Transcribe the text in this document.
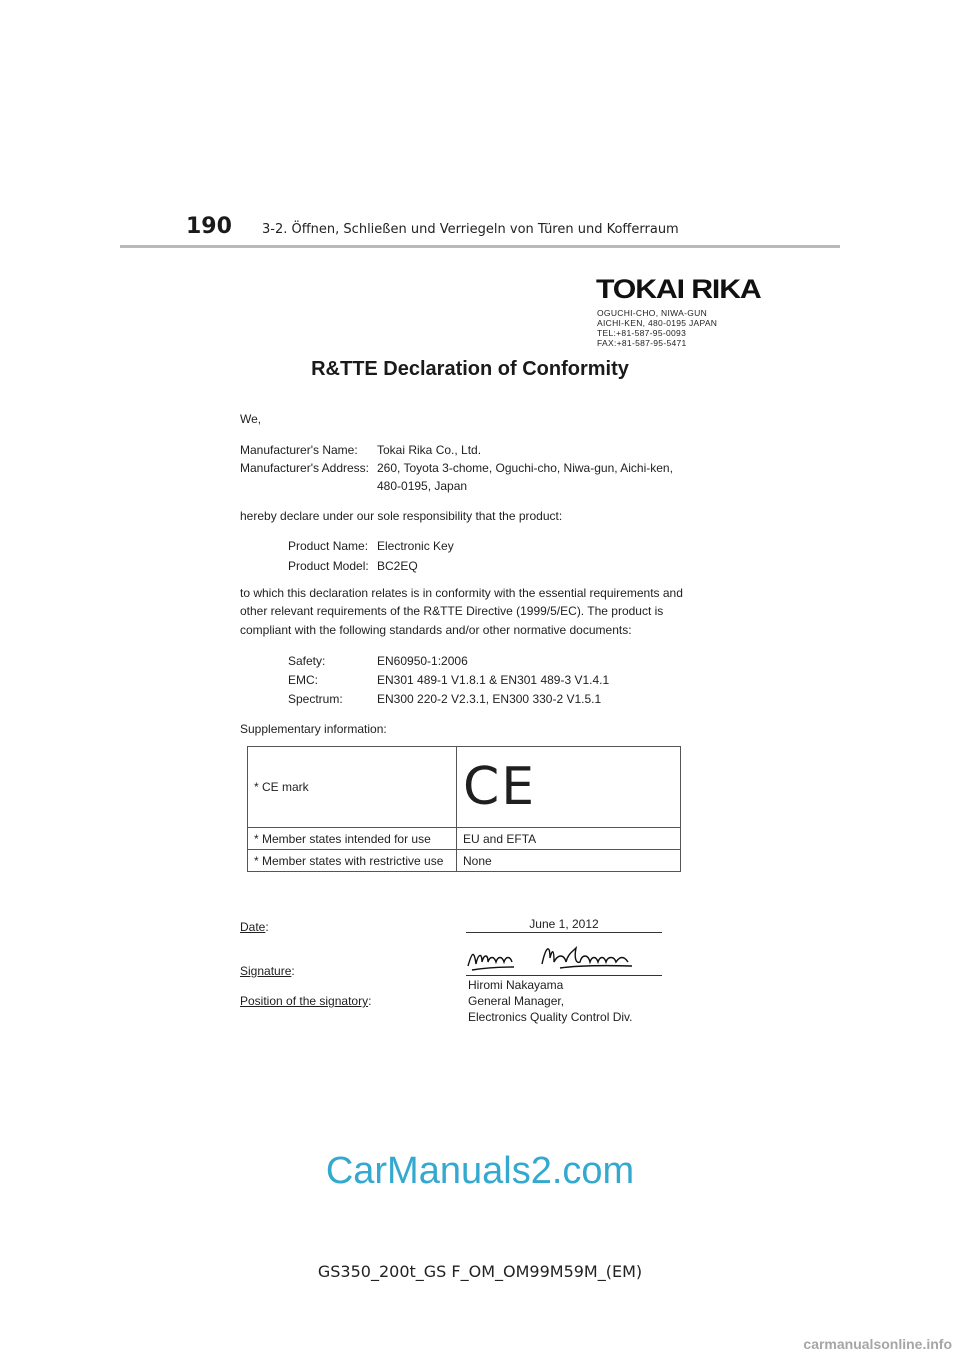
190 3-2. Öffnen, Schließen und Verriegeln von Türen und Kofferraum
TOKAI RIKA
OGUCHI-CHO, NIWA-GUN
AICHI-KEN, 480-0195 JAPAN
TEL:+81-587-95-0093
FAX:+81-587-95-5471
R&TTE Declaration of Conformity
We,
Manufacturer's Name: Tokai Rika Co., Ltd.
Manufacturer's Address: 260, Toyota 3-chome, Oguchi-cho, Niwa-gun, Aichi-ken,
480-0195, Japan
hereby declare under our sole responsibility that the product:
Product Name: Electronic Key
Product Model: BC2EQ
to which this declaration relates is in conformity with the essential requirements and
other relevant requirements of the R&TTE Directive (1999/5/EC). The product is
compliant with the following standards and/or other normative documents:
Safety:	EN60950-1:2006
EMC:	EN301 489-1 V1.8.1 & EN301 489-3 V1.4.1
Spectrum:	EN300 220-2 V2.3.1, EN300 330-2 V1.5.1
Supplementary information:
* CE mark	CE
* Member states intended for use	EU and EFTA
* Member states with restrictive use	None
Date:	June 1, 2012
Signature:
Hiromi Nakayama
Position of the signatory:	General Manager,
Electronics Quality Control Div.
CarManuals2.com
GS350_200t_GS F_OM_OM99M59M_(EM)
carmanualsonline.info
